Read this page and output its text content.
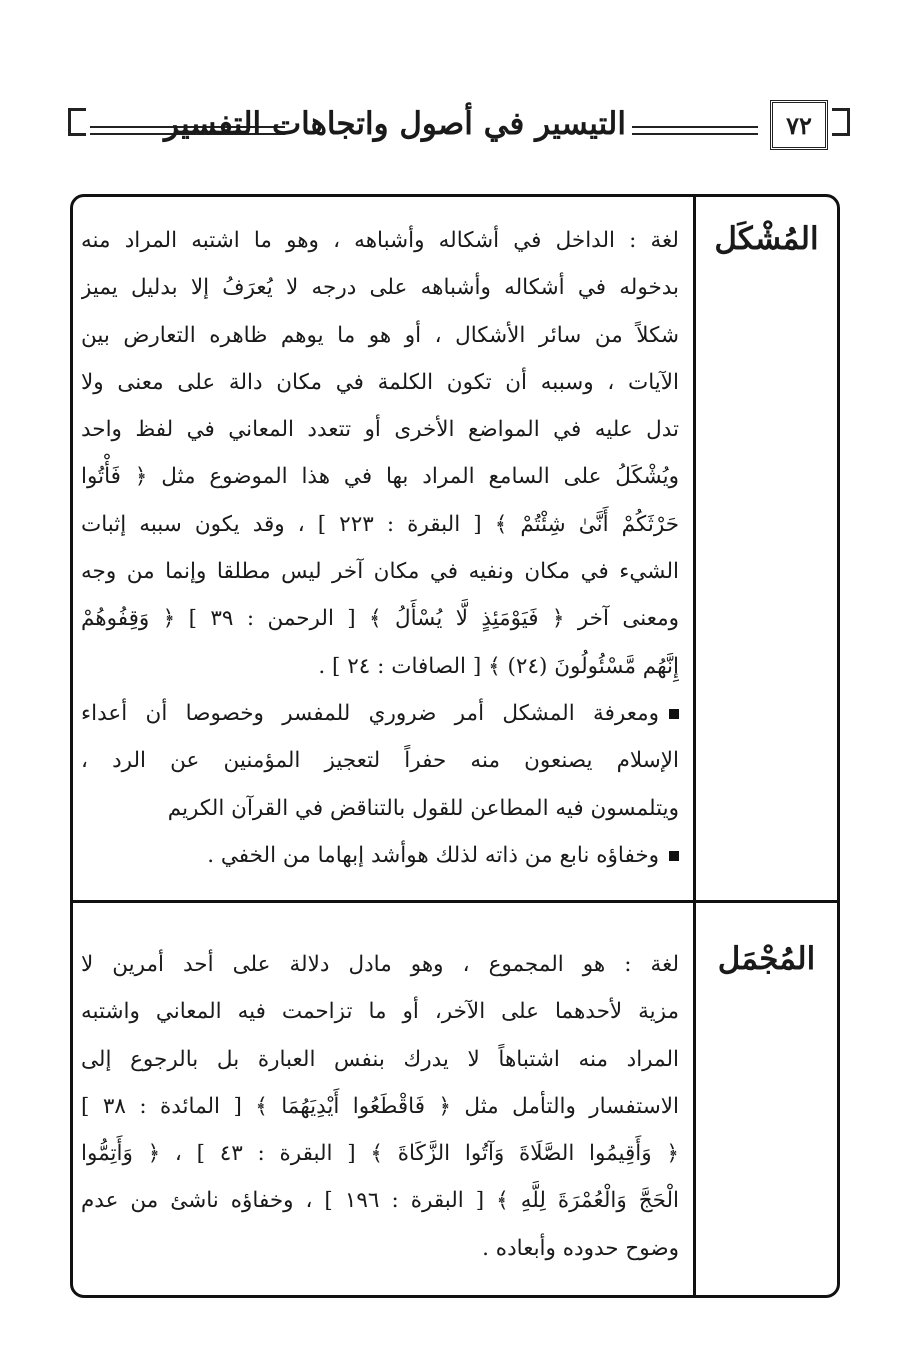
التيسير في أصول واتجاهات التفسير	٧٢
المُشْكَل
لغة : الداخل في أشكاله وأشباهه ، وهو ما اشتبه المراد منه
بدخوله في أشكاله وأشباهه على درجه لا يُعرَفُ إلا بدليل يميز
شكلاً من سائر الأشكال ، أو هو ما يوهم ظاهره التعارض بين
الآيات ، وسببه أن تكون الكلمة في مكان دالة على معنى ولا
تدل عليه في المواضع الأخرى أو تتعدد المعاني في لفظ واحد
ويُشْكَلُ على السامع المراد بها في هذا الموضوع مثل ﴿ فَأْتُوا
حَرْثَكُمْ أَنَّىٰ شِئْتُمْ ﴾ [ البقرة : ٢٢٣ ] ، وقد يكون سببه إثبات
الشيء في مكان ونفيه في مكان آخر ليس مطلقا وإنما من وجه
ومعنى آخر ﴿ فَيَوْمَئِذٍ لَّا يُسْأَلُ ﴾ [ الرحمن : ٣٩ ] ﴿ وَقِفُوهُمْ
إِنَّهُم مَّسْئُولُونَ (٢٤) ﴾ [ الصافات : ٢٤ ] .
ومعرفة المشكل أمر ضروري للمفسر وخصوصا أن أعداء
الإسلام يصنعون منه حفراً لتعجيز المؤمنين عن الرد ،
ويتلمسون فيه المطاعن للقول بالتناقض في القرآن الكريم
وخفاؤه نابع من ذاته لذلك هوأشد إبهاما من الخفي .
المُجْمَل
لغة : هو المجموع ، وهو مادل دلالة على أحد أمرين لا
مزية لأحدهما على الآخر، أو ما تزاحمت فيه المعاني واشتبه
المراد منه اشتباهاً لا يدرك بنفس العبارة بل بالرجوع إلى
الاستفسار والتأمل مثل ﴿ فَاقْطَعُوا أَيْدِيَهُمَا ﴾ [ المائدة : ٣٨ ]
﴿ وَأَقِيمُوا الصَّلَاةَ وَآتُوا الزَّكَاةَ ﴾ [ البقرة : ٤٣ ] ، ﴿ وَأَتِمُّوا
الْحَجَّ وَالْعُمْرَةَ لِلَّهِ ﴾ [ البقرة : ١٩٦ ] ، وخفاؤه ناشئ من عدم
وضوح حدوده وأبعاده .
